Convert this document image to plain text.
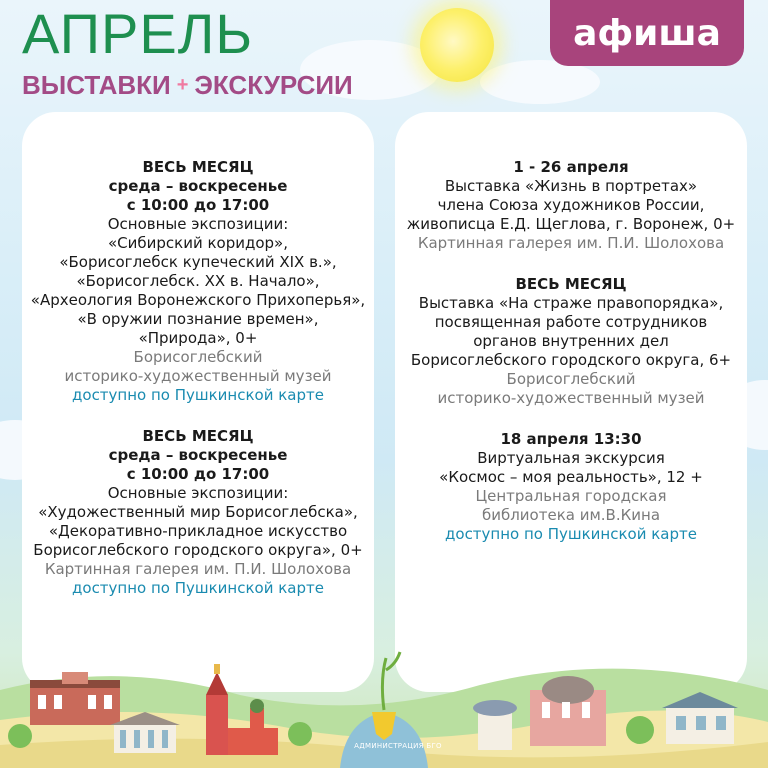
АПРЕЛЬ
ВЫСТАВКИ + ЭКСКУРСИИ
афиша
АДМИНИСТРАЦИЯ БГО
ВЕСЬ МЕСЯЦ
среда – воскресенье
с 10:00 до 17:00
Основные экспозиции:
«Сибирский коридор»,
«Борисоглебск купеческий XIX в.»,
«Борисоглебск. ХХ в. Начало»,
«Археология Воронежского Прихоперья»,
«В оружии познание времен»,
«Природа», 0+
Борисоглебский
историко-художественный музей
доступно по Пушкинской карте
ВЕСЬ МЕСЯЦ
среда – воскресенье
с 10:00 до 17:00
Основные экспозиции:
«Художественный мир Борисоглебска»,
«Декоративно-прикладное искусство
Борисоглебского городского округа», 0+
Картинная галерея им. П.И. Шолохова
доступно по Пушкинской карте
1 - 26 апреля
Выставка «Жизнь в портретах»
члена Союза художников России,
живописца Е.Д. Щеглова, г. Воронеж, 0+
Картинная галерея им. П.И. Шолохова
ВЕСЬ МЕСЯЦ
Выставка «На страже правопорядка»,
посвященная работе сотрудников
органов внутренних дел
Борисоглебского городского округа, 6+
Борисоглебский
историко-художественный музей
18 апреля 13:30
Виртуальная экскурсия
«Космос – моя реальность», 12 +
Центральная городская
библиотека им.В.Кина
доступно по Пушкинской карте
